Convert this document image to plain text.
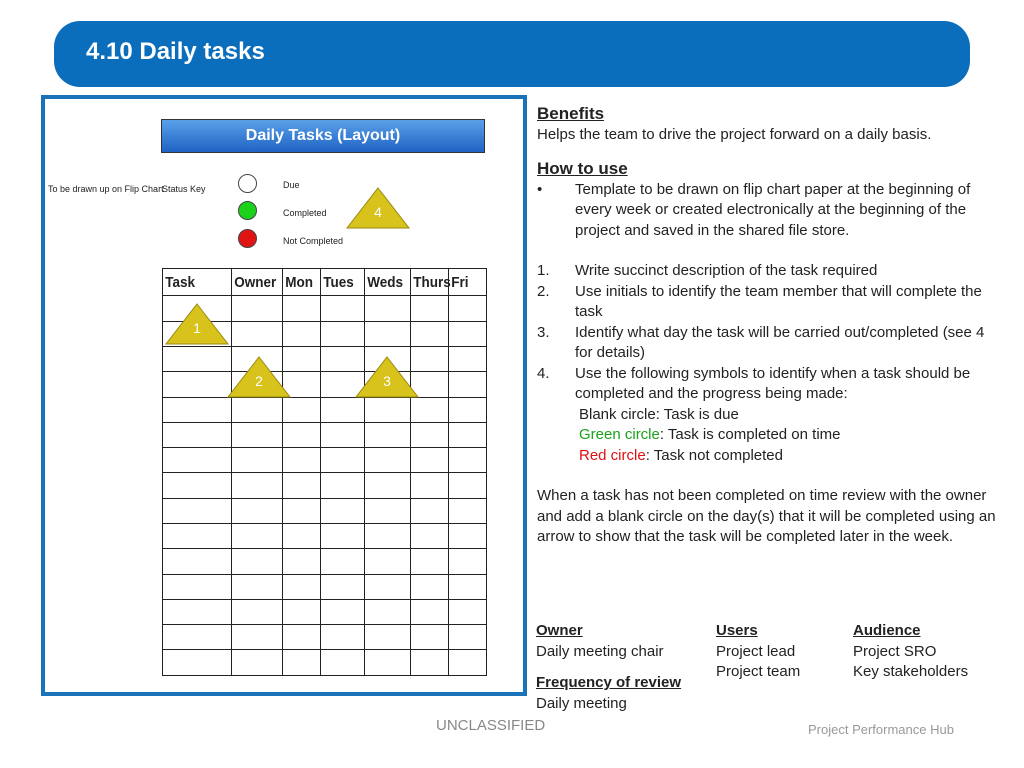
4.10 Daily tasks
Daily Tasks (Layout)
To be drawn up on Flip Chart
Status Key	Due
Completed
Not Completed
Task	Owner	Mon	Tues	Weds	Thurs	Fri

1
2	3
4
Benefits
Helps the team to drive the project forward on a daily basis.
How to use
• Template to be drawn on flip chart paper at the beginning of every week or created electronically at the beginning of the project and saved in the shared file store.
1. Write succinct description of the task required
2. Use initials to identify the team member that will complete the task
3. Identify what day the task will be carried out/completed (see 4 for details)
4. Use the following symbols to identify when a task should be completed and the progress being made:
Blank circle: Task is due
Green circle: Task is completed on time
Red circle: Task not completed
When a task has not been completed on time review with the owner and add a blank circle on the day(s) that it will be completed using an arrow to show that the task will be completed later in the week.
Owner
Daily meeting chair
Frequency of review
Daily meeting
Users
Project lead
Project team
Audience
Project SRO
Key stakeholders
UNCLASSIFIED	Project Performance Hub
